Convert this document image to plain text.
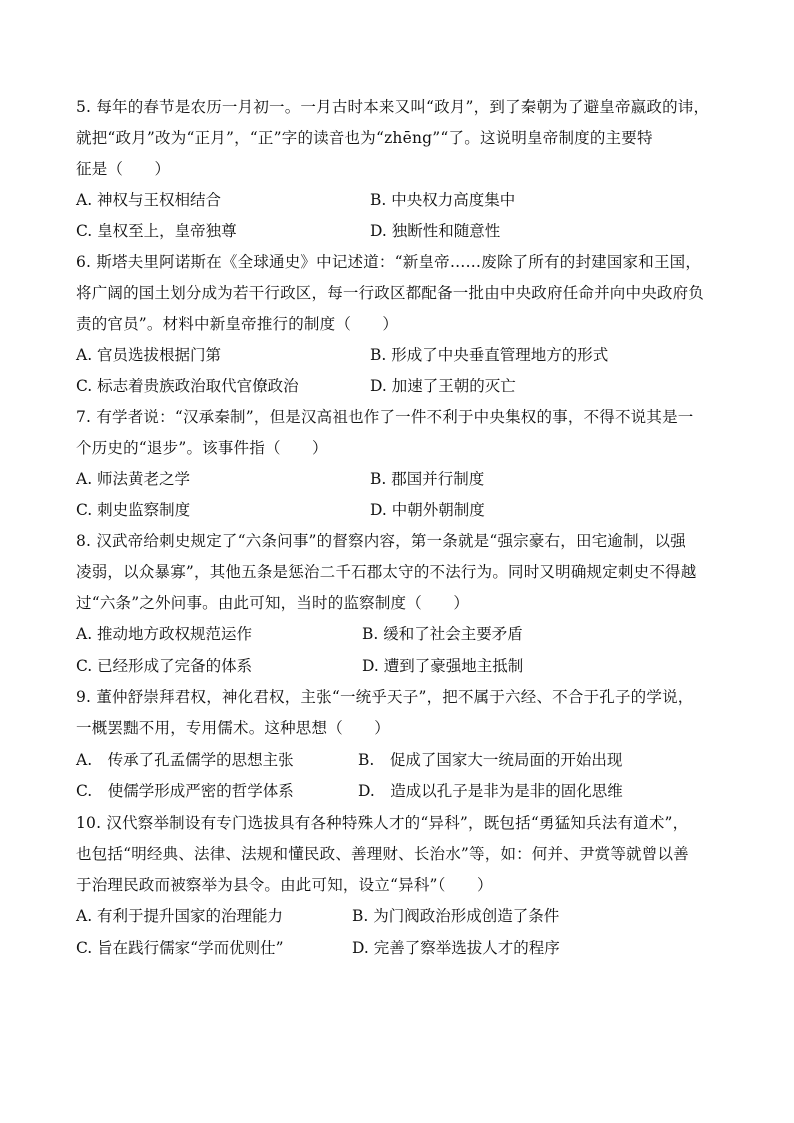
5. 每年的春节是农历一月初一。一月古时本来又叫“政月”，到了秦朝为了避皇帝嬴政的讳，
就把“政月”改为“正月”，“正”字的读音也为“zhēng”“了。这说明皇帝制度的主要特
征是（　　）
A. 神权与王权相结合	B. 中央权力高度集中
C. 皇权至上，皇帝独尊	D. 独断性和随意性
6. 斯塔夫里阿诺斯在《全球通史》中记述道：“新皇帝……废除了所有的封建国家和王国，
将广阔的国土划分成为若干行政区，每一行政区都配备一批由中央政府任命并向中央政府负
责的官员”。材料中新皇帝推行的制度（　　）
A. 官员选拔根据门第	B. 形成了中央垂直管理地方的形式
C. 标志着贵族政治取代官僚政治	D. 加速了王朝的灭亡
7. 有学者说：“汉承秦制”，但是汉高祖也作了一件不利于中央集权的事，不得不说其是一
个历史的“退步”。该事件指（　　）
A. 师法黄老之学	B. 郡国并行制度
C. 刺史监察制度	D. 中朝外朝制度
8. 汉武帝给刺史规定了“六条问事”的督察内容，第一条就是“强宗豪右，田宅逾制，以强
凌弱，以众暴寡”，其他五条是惩治二千石郡太守的不法行为。同时又明确规定刺史不得越
过“六条”之外问事。由此可知，当时的监察制度（　　）
A. 推动地方政权规范运作	B. 缓和了社会主要矛盾
C. 已经形成了完备的体系	D. 遭到了豪强地主抵制
9. 董仲舒崇拜君权，神化君权，主张“一统乎天子”，把不属于六经、不合于孔子的学说，
一概罢黜不用，专用儒术。这种思想（　　）
A.　传承了孔孟儒学的思想主张	B.　促成了国家大一统局面的开始出现
C.　使儒学形成严密的哲学体系	D.　造成以孔子是非为是非的固化思维
10. 汉代察举制设有专门选拔具有各种特殊人才的“异科”，既包括“勇猛知兵法有道术”，
也包括“明经典、法律、法规和懂民政、善理财、长治水”等，如：何并、尹赏等就曾以善
于治理民政而被察举为县令。由此可知，设立“异科”（　　）
A. 有利于提升国家的治理能力	B. 为门阀政治形成创造了条件
C. 旨在践行儒家“学而优则仕”	D. 完善了察举选拔人才的程序
